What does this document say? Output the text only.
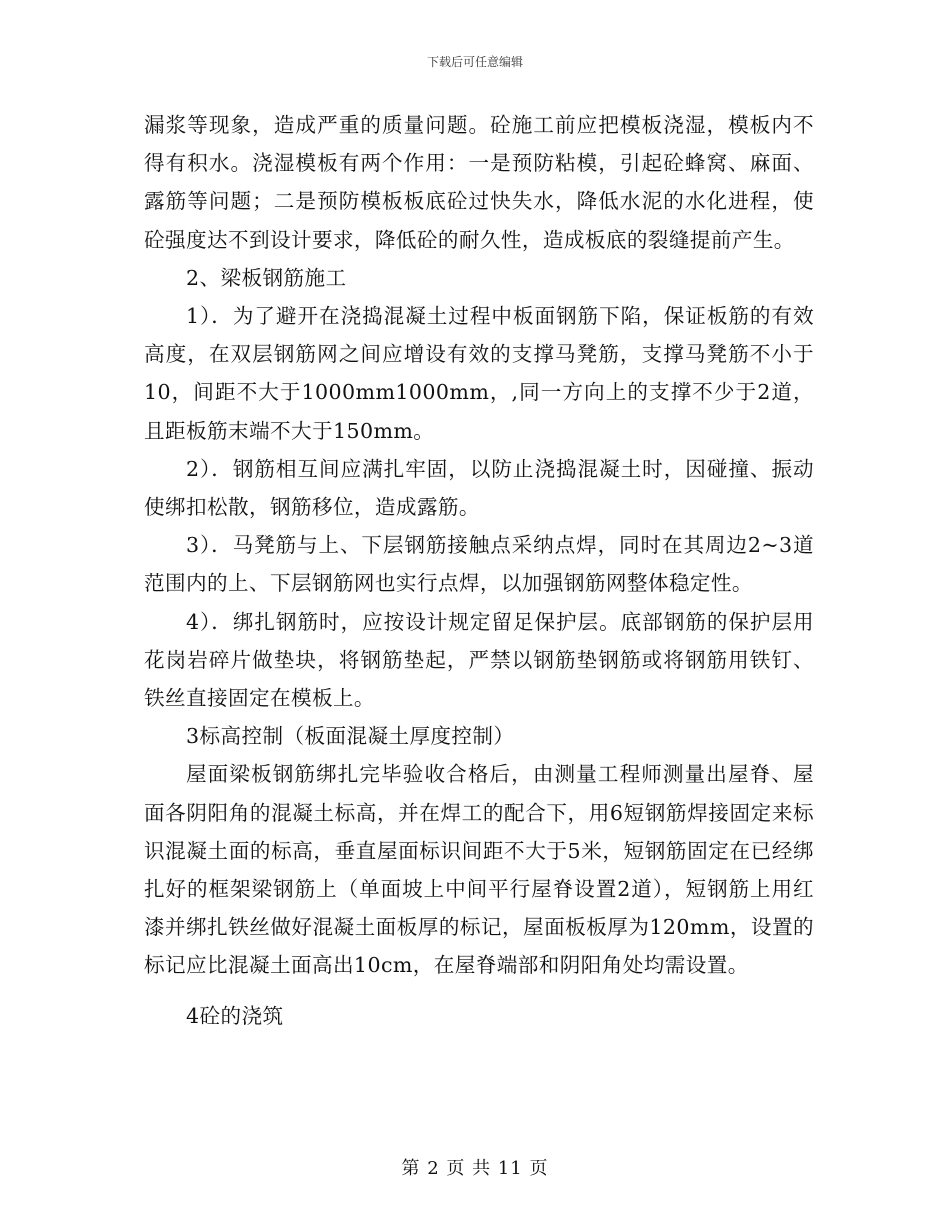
下载后可任意编辑

漏浆等现象，造成严重的质量问题。砼施工前应把模板浇湿，模板内不得有积水。浇湿模板有两个作用：一是预防粘模，引起砼蜂窝、麻面、露筋等问题；二是预防模板板底砼过快失水，降低水泥的水化进程，使砼强度达不到设计要求，降低砼的耐久性，造成板底的裂缝提前产生。

2、梁板钢筋施工

1）．为了避开在浇捣混凝土过程中板面钢筋下陷，保证板筋的有效高度，在双层钢筋网之间应增设有效的支撑马凳筋，支撑马凳筋不小于10，间距不大于1000mm1000mm，,同一方向上的支撑不少于2道，且距板筋末端不大于150mm。

2）．钢筋相互间应满扎牢固，以防止浇捣混凝土时，因碰撞、振动使绑扣松散，钢筋移位，造成露筋。

3）．马凳筋与上、下层钢筋接触点采纳点焊，同时在其周边2~3道范围内的上、下层钢筋网也实行点焊，以加强钢筋网整体稳定性。

4）．绑扎钢筋时，应按设计规定留足保护层。底部钢筋的保护层用花岗岩碎片做垫块，将钢筋垫起，严禁以钢筋垫钢筋或将钢筋用铁钉、铁丝直接固定在模板上。

3标高控制（板面混凝土厚度控制）

屋面梁板钢筋绑扎完毕验收合格后，由测量工程师测量出屋脊、屋面各阴阳角的混凝土标高，并在焊工的配合下，用6短钢筋焊接固定来标识混凝土面的标高，垂直屋面标识间距不大于5米，短钢筋固定在已经绑扎好的框架梁钢筋上（单面坡上中间平行屋脊设置2道），短钢筋上用红漆并绑扎铁丝做好混凝土面板厚的标记，屋面板板厚为120mm，设置的标记应比混凝土面高出10cm，在屋脊端部和阴阳角处均需设置。

4砼的浇筑

第 2 页 共 11 页
